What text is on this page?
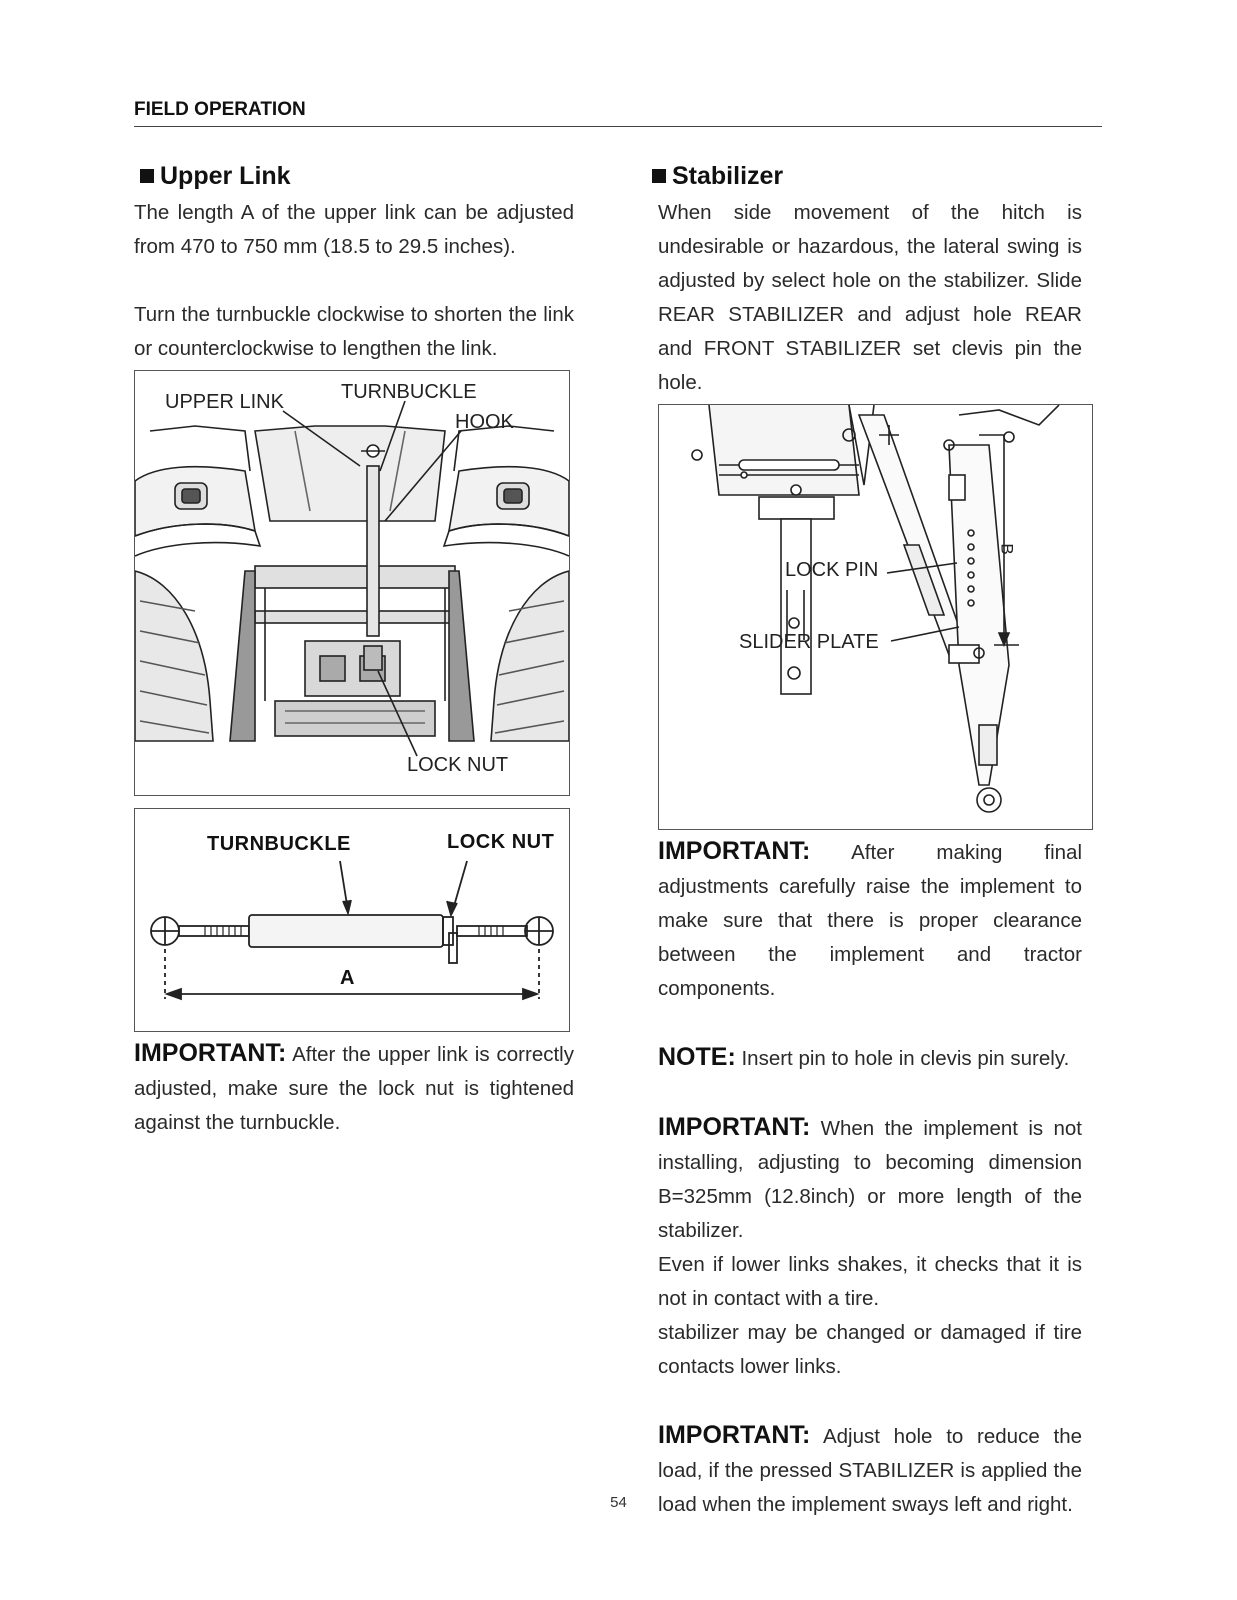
FIELD OPERATION
Upper Link

The length A of the upper link can be adjusted from 470 to 750 mm (18.5 to 29.5 inches).

Turn the turnbuckle clockwise to shorten the link or counterclockwise to lengthen the link.

UPPER LINK	TURNBUCKLE
HOOK
LOCK NUT
TURNBUCKLE	LOCK NUT
A

IMPORTANT: After the upper link is correctly adjusted, make sure the lock nut is tightened against the turnbuckle.

Stabilizer

When side movement of the hitch is undesirable or hazardous, the lateral swing is adjusted by select hole on the stabilizer. Slide REAR STABILIZER and adjust hole REAR and FRONT STABILIZER set clevis pin the hole.

LOCK PIN
SLIDER PLATE
B

IMPORTANT: After making final adjustments carefully raise the implement to make sure that there is proper clearance between the implement and tractor components.

NOTE: Insert pin to hole in clevis pin surely.

IMPORTANT: When the implement is not installing, adjusting to becoming dimension B=325mm (12.8inch) or more length of the stabilizer.

Even if lower links shakes, it checks that it is not in contact with a tire.

stabilizer may be changed or damaged if tire contacts lower links.

IMPORTANT: Adjust hole to reduce the load, if the pressed STABILIZER is applied the load when the implement sways left and right.

54
